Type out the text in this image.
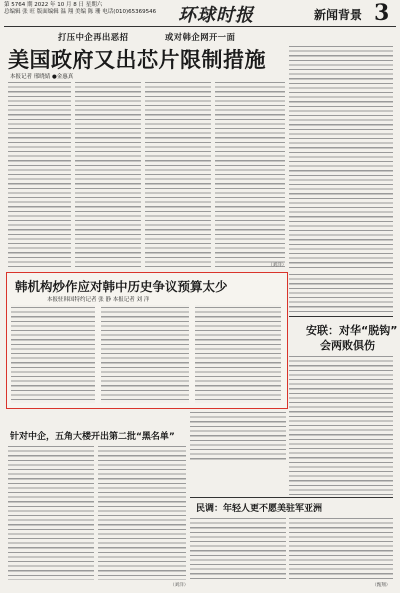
第 5764 期 2022 年 10 月 8 日 星期六
总编辑 张 旺 版面编辑 温 翔 美编 陈 珊 电话(010)65369546	环球时报	新闻背景 3
打压中企再出恶招	或对韩企网开一面
美国政府又出芯片限制措施
本报记者 邢晓婧 ●金惠真
（刘洋）
韩机构炒作应对韩中历史争议预算太少
本报驻韩国特约记者 张 静 本报记者 刘 洋
安联：对华“脱钩”
会两败俱伤
针对中企，五角大楼开出第二批“黑名单”
（刘洋）
民调：年轻人更不愿美驻军亚洲
（甄翔）
